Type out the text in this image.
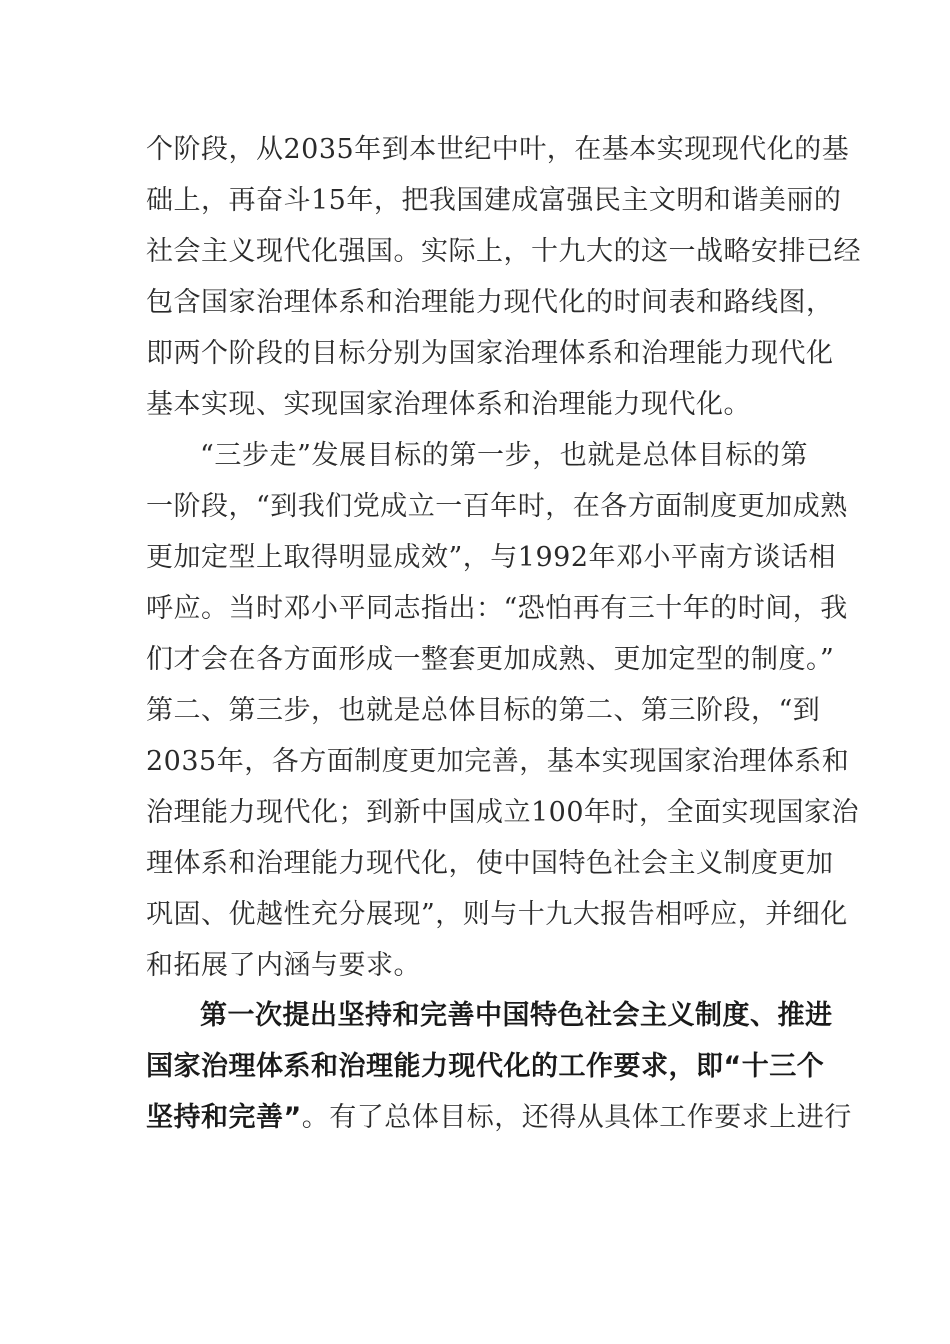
个阶段，从2035年到本世纪中叶，在基本实现现代化的基
础上，再奋斗15年，把我国建成富强民主文明和谐美丽的
社会主义现代化强国。实际上，十九大的这一战略安排已经
包含国家治理体系和治理能力现代化的时间表和路线图，
即两个阶段的目标分别为国家治理体系和治理能力现代化
基本实现、实现国家治理体系和治理能力现代化。
“三步走”发展目标的第一步，也就是总体目标的第
一阶段，“到我们党成立一百年时，在各方面制度更加成熟
更加定型上取得明显成效”，与1992年邓小平南方谈话相
呼应。当时邓小平同志指出：“恐怕再有三十年的时间，我
们才会在各方面形成一整套更加成熟、更加定型的制度。”
第二、第三步，也就是总体目标的第二、第三阶段，“到
2035年，各方面制度更加完善，基本实现国家治理体系和
治理能力现代化；到新中国成立100年时，全面实现国家治
理体系和治理能力现代化，使中国特色社会主义制度更加
巩固、优越性充分展现”，则与十九大报告相呼应，并细化
和拓展了内涵与要求。
第一次提出坚持和完善中国特色社会主义制度、推进
国家治理体系和治理能力现代化的工作要求，即“十三个
坚持和完善”。有了总体目标，还得从具体工作要求上进行
